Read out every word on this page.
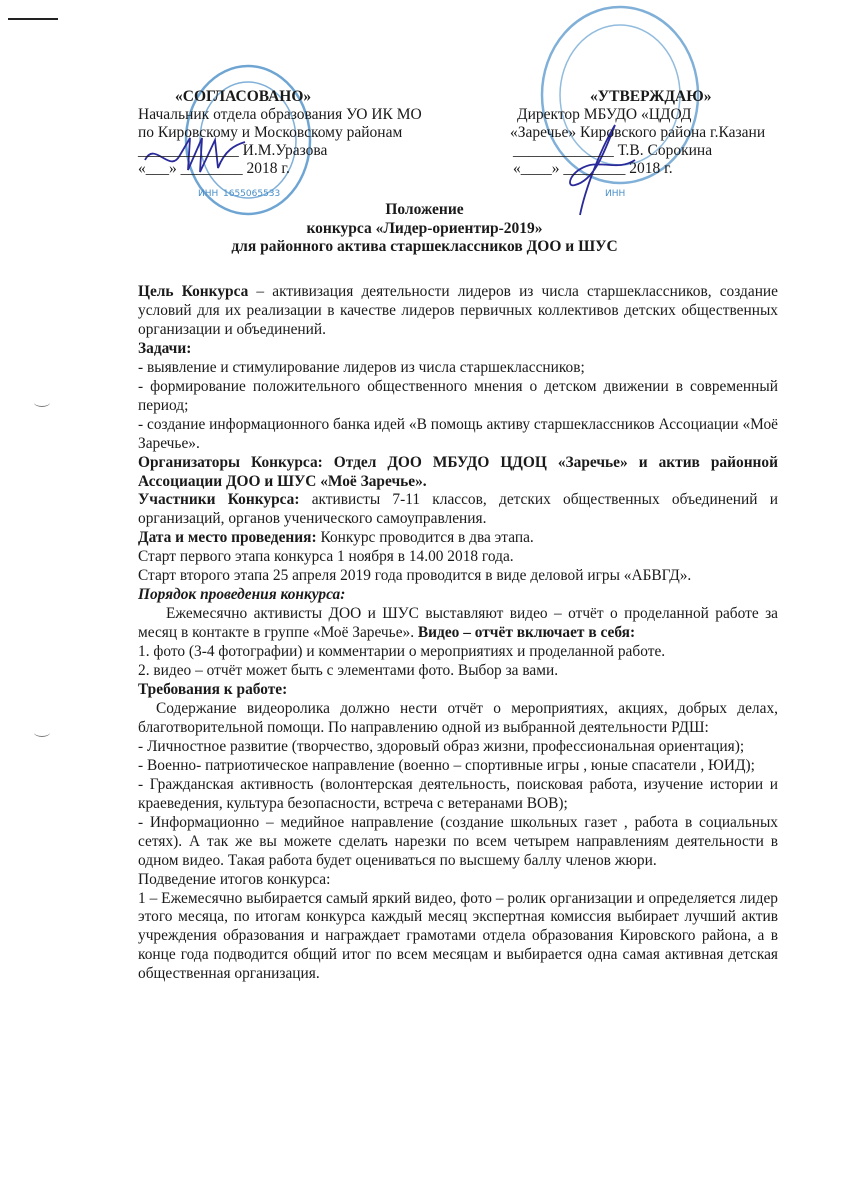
ИНН 1655065533	ИНН
«СОГЛАСОВАНО»
Начальник отдела образования УО ИК МО
по Кировскому и Московскому районам
_____________ И.М.Уразова
«___» ________ 2018 г.
«УТВЕРЖДАЮ»
Директор МБУДО «ЦДОД
«Заречье» Кировского района г.Казани
_____________ Т.В. Сорокина
«____» ________ 2018 г.
Положение
конкурса «Лидер-ориентир-2019»
для районного актива старшеклассников ДОО и ШУС

Цель Конкурса – активизация деятельности лидеров из числа старшеклассников, создание условий для их реализации в качестве лидеров первичных коллективов детских общественных организации и объединений.

Задачи:

- выявление и стимулирование лидеров из числа старшеклассников;

- формирование положительного общественного мнения о детском движении в современный период;

- создание информационного банка идей «В помощь активу старшеклассников Ассоциации «Моё Заречье».

Организаторы Конкурса: Отдел ДОО МБУДО ЦДОЦ «Заречье» и актив районной Ассоциации ДОО и ШУС «Моё Заречье».

Участники Конкурса: активисты 7-11 классов, детских общественных объединений и организаций, органов ученического самоуправления.

Дата и место проведения: Конкурс проводится в два этапа.

Старт первого этапа конкурса 1 ноября в 14.00 2018 года.

Старт второго этапа 25 апреля 2019 года проводится в виде деловой игры «АБВГД».

Порядок проведения конкурса:

Ежемесячно активисты ДОО и ШУС выставляют видео – отчёт о проделанной работе за месяц в контакте в группе «Моё Заречье». Видео – отчёт включает в себя:

1. фото (3-4 фотографии) и комментарии о мероприятиях и проделанной работе.

2. видео – отчёт может быть с элементами фото. Выбор за вами.

Требования к работе:

Содержание видеоролика должно нести отчёт о мероприятиях, акциях, добрых делах, благотворительной помощи. По направлению одной из выбранной деятельности РДШ:

- Личностное развитие (творчество, здоровый образ жизни, профессиональная ориентация);

- Военно- патриотическое направление (военно – спортивные игры , юные спасатели , ЮИД);

- Гражданская активность (волонтерская деятельность, поисковая работа, изучение истории и краеведения, культура безопасности, встреча с ветеранами ВОВ);

- Информационно – медийное направление (создание школьных газет , работа в социальных сетях). А так же вы можете сделать нарезки по всем четырем направлениям деятельности в одном видео. Такая работа будет оцениваться по высшему баллу членов жюри.

Подведение итогов конкурса:

1 – Ежемесячно выбирается самый яркий видео, фото – ролик организации и определяется лидер этого месяца, по итогам конкурса каждый месяц экспертная комиссия выбирает лучший актив учреждения образования и награждает грамотами отдела образования Кировского района, а в конце года подводится общий итог по всем месяцам и выбирается одна самая активная детская общественная организация.
